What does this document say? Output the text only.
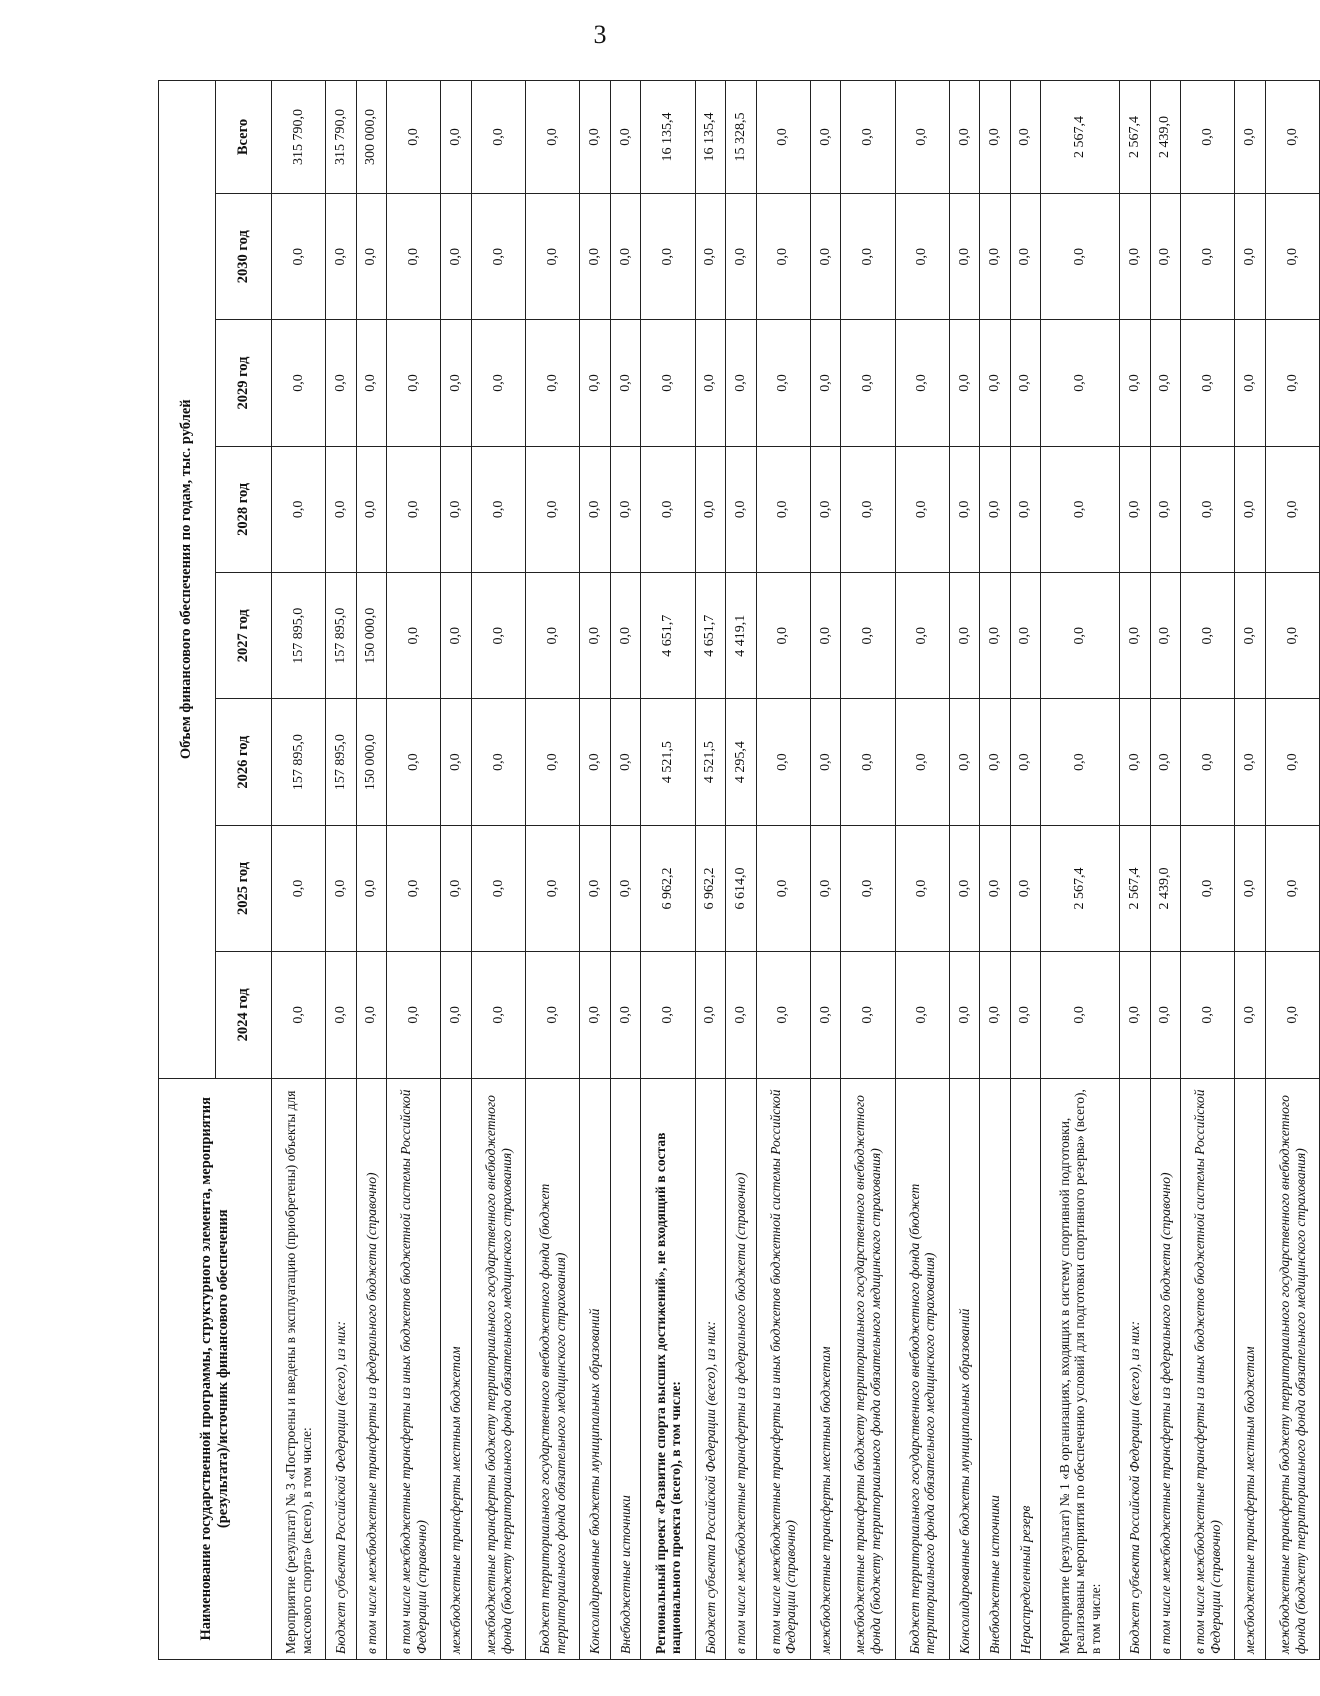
3
Наименование государственной программы, структурного элемента, мероприятия (результата)/источник финансового обеспечения	Объем финансового обеспечения по годам, тыс. рублей							
	2024 год	2025 год	2026 год	2027 год	2028 год	2029 год	2030 год	Всего
Мероприятие (результат) № 3 «Построены и введены в эксплуатацию (приобретены) объекты для массового спорта» (всего), в том числе:	0,0	0,0	157 895,0	157 895,0	0,0	0,0	0,0	315 790,0
Бюджет субъекта Российской Федерации (всего), из них:	0,0	0,0	157 895,0	157 895,0	0,0	0,0	0,0	315 790,0
в том числе межбюджетные трансферты из федерального бюджета (справочно)	0,0	0,0	150 000,0	150 000,0	0,0	0,0	0,0	300 000,0
в том числе межбюджетные трансферты из иных бюджетов бюджетной системы Российской Федерации (справочно)	0,0	0,0	0,0	0,0	0,0	0,0	0,0	0,0
межбюджетные трансферты местным бюджетам	0,0	0,0	0,0	0,0	0,0	0,0	0,0	0,0
межбюджетные трансферты бюджету территориального государственного внебюджетного фонда (бюджету территориального фонда обязательного медицинского страхования)	0,0	0,0	0,0	0,0	0,0	0,0	0,0	0,0
Бюджет территориального государственного внебюджетного фонда (бюджет территориального фонда обязательного медицинского страхования)	0,0	0,0	0,0	0,0	0,0	0,0	0,0	0,0
Консолидированные бюджеты муниципальных образований	0,0	0,0	0,0	0,0	0,0	0,0	0,0	0,0
Внебюджетные источники	0,0	0,0	0,0	0,0	0,0	0,0	0,0	0,0
Региональный проект «Развитие спорта высших достижений», не входящий в состав национального проекта (всего), в том числе:	0,0	6 962,2	4 521,5	4 651,7	0,0	0,0	0,0	16 135,4
Бюджет субъекта Российской Федерации (всего), из них:	0,0	6 962,2	4 521,5	4 651,7	0,0	0,0	0,0	16 135,4
в том числе межбюджетные трансферты из федерального бюджета (справочно)	0,0	6 614,0	4 295,4	4 419,1	0,0	0,0	0,0	15 328,5
в том числе межбюджетные трансферты из иных бюджетов бюджетной системы Российской Федерации (справочно)	0,0	0,0	0,0	0,0	0,0	0,0	0,0	0,0
межбюджетные трансферты местным бюджетам	0,0	0,0	0,0	0,0	0,0	0,0	0,0	0,0
межбюджетные трансферты бюджету территориального государственного внебюджетного фонда (бюджету территориального фонда обязательного медицинского страхования)	0,0	0,0	0,0	0,0	0,0	0,0	0,0	0,0
Бюджет территориального государственного внебюджетного фонда (бюджет территориального фонда обязательного медицинского страхования)	0,0	0,0	0,0	0,0	0,0	0,0	0,0	0,0
Консолидированные бюджеты муниципальных образований	0,0	0,0	0,0	0,0	0,0	0,0	0,0	0,0
Внебюджетные источники	0,0	0,0	0,0	0,0	0,0	0,0	0,0	0,0
Нераспределенный резерв	0,0	0,0	0,0	0,0	0,0	0,0	0,0	0,0
Мероприятие (результат) № 1 «В организациях, входящих в систему спортивной подготовки, реализованы мероприятия по обеспечению условий для подготовки спортивного резерва» (всего), в том числе:	0,0	2 567,4	0,0	0,0	0,0	0,0	0,0	2 567,4
Бюджет субъекта Российской Федерации (всего), из них:	0,0	2 567,4	0,0	0,0	0,0	0,0	0,0	2 567,4
в том числе межбюджетные трансферты из федерального бюджета (справочно)	0,0	2 439,0	0,0	0,0	0,0	0,0	0,0	2 439,0
в том числе межбюджетные трансферты из иных бюджетов бюджетной системы Российской Федерации (справочно)	0,0	0,0	0,0	0,0	0,0	0,0	0,0	0,0
межбюджетные трансферты местным бюджетам	0,0	0,0	0,0	0,0	0,0	0,0	0,0	0,0
межбюджетные трансферты бюджету территориального государственного внебюджетного фонда (бюджету территориального фонда обязательного медицинского страхования)	0,0	0,0	0,0	0,0	0,0	0,0	0,0	0,0
